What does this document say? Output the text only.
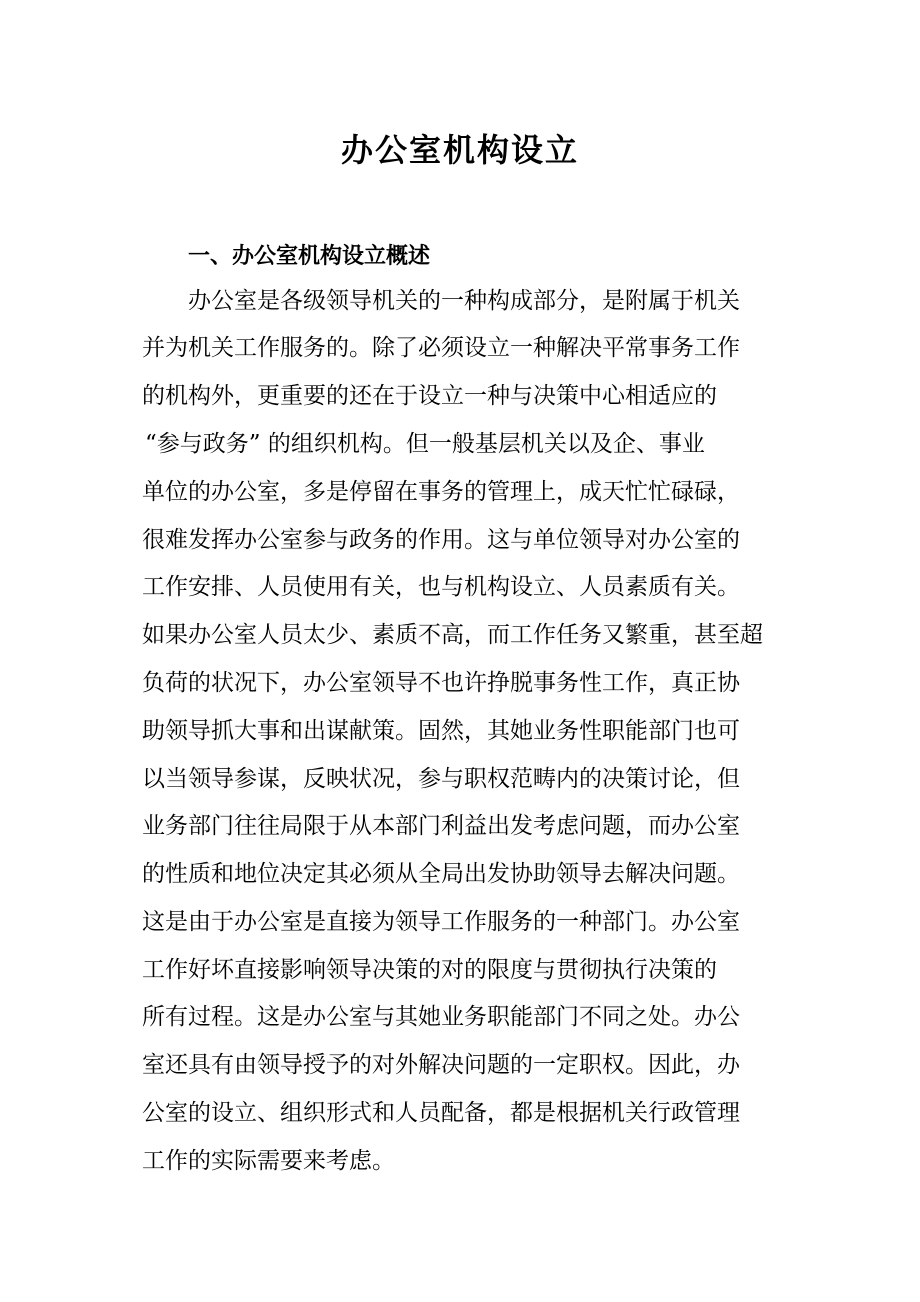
办公室机构设立
一、办公室机构设立概述
办公室是各级领导机关的一种构成部分，是附属于机关
并为机关工作服务的。除了必须设立一种解决平常事务工作
的机构外，更重要的还在于设立一种与决策中心相适应的
“参与政务” 的组织机构。但一般基层机关以及企、事业
单位的办公室，多是停留在事务的管理上，成天忙忙碌碌，
很难发挥办公室参与政务的作用。这与单位领导对办公室的
工作安排、人员使用有关，也与机构设立、人员素质有关。
如果办公室人员太少、素质不高，而工作任务又繁重，甚至超
负荷的状况下，办公室领导不也许挣脱事务性工作，真正协
助领导抓大事和出谋献策。固然，其她业务性职能部门也可
以当领导参谋，反映状况，参与职权范畴内的决策讨论，但
业务部门往往局限于从本部门利益出发考虑问题，而办公室
的性质和地位决定其必须从全局出发协助领导去解决问题。
这是由于办公室是直接为领导工作服务的一种部门。办公室
工作好坏直接影响领导决策的对的限度与贯彻执行决策的
所有过程。这是办公室与其她业务职能部门不同之处。办公
室还具有由领导授予的对外解决问题的一定职权。因此，办
公室的设立、组织形式和人员配备，都是根据机关行政管理
工作的实际需要来考虑。
